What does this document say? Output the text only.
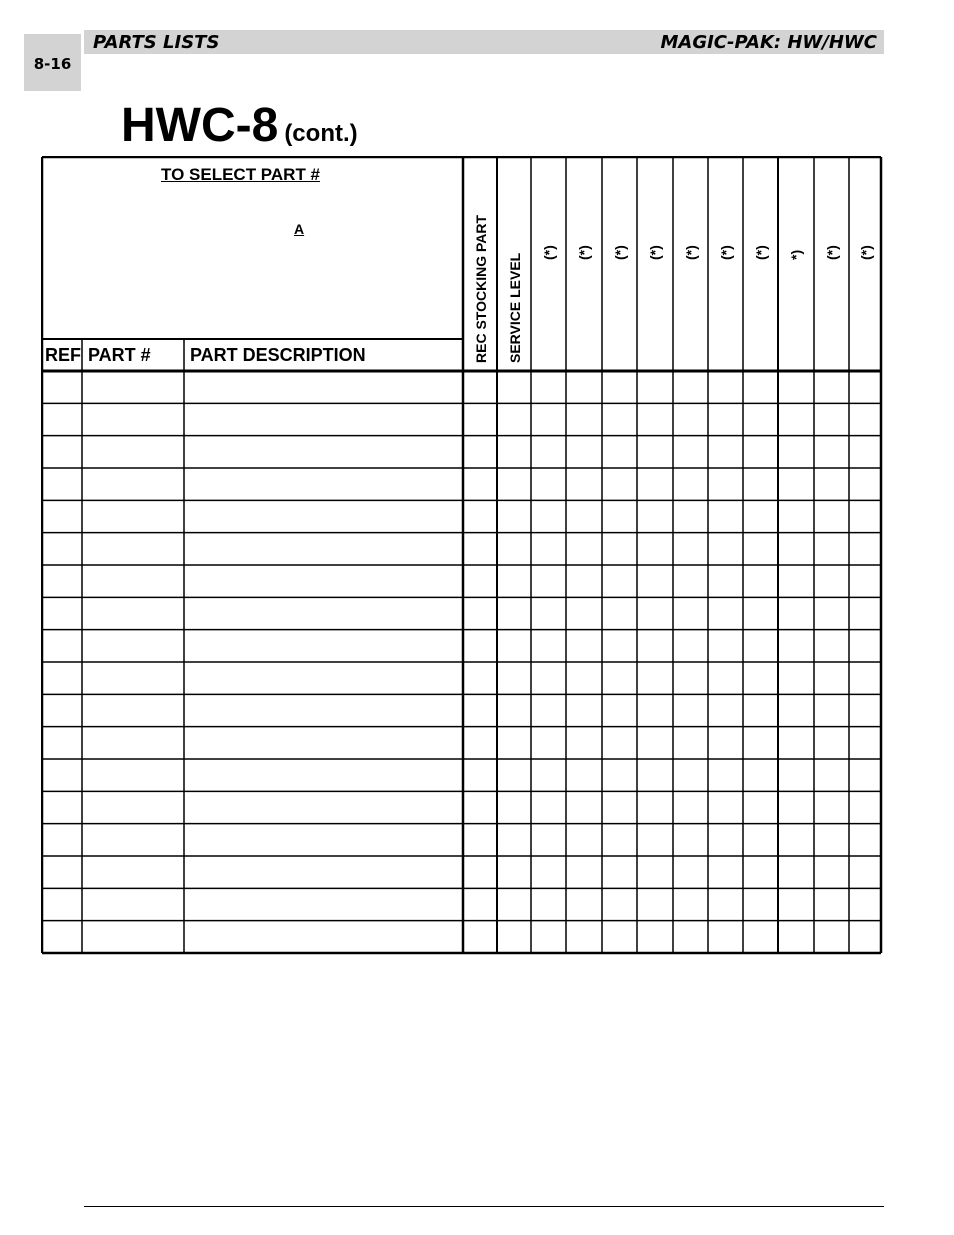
8-16
PARTS LISTS	MAGIC-PAK: HW/HWC
HWC-8 (cont.)
TO SELECT PART #
A
REF PART # PART DESCRIPTION	REC STOCKING PART SERVICE LEVEL
(*) (*) (*) (*) (*) (*) (*) *) (*) (*)
